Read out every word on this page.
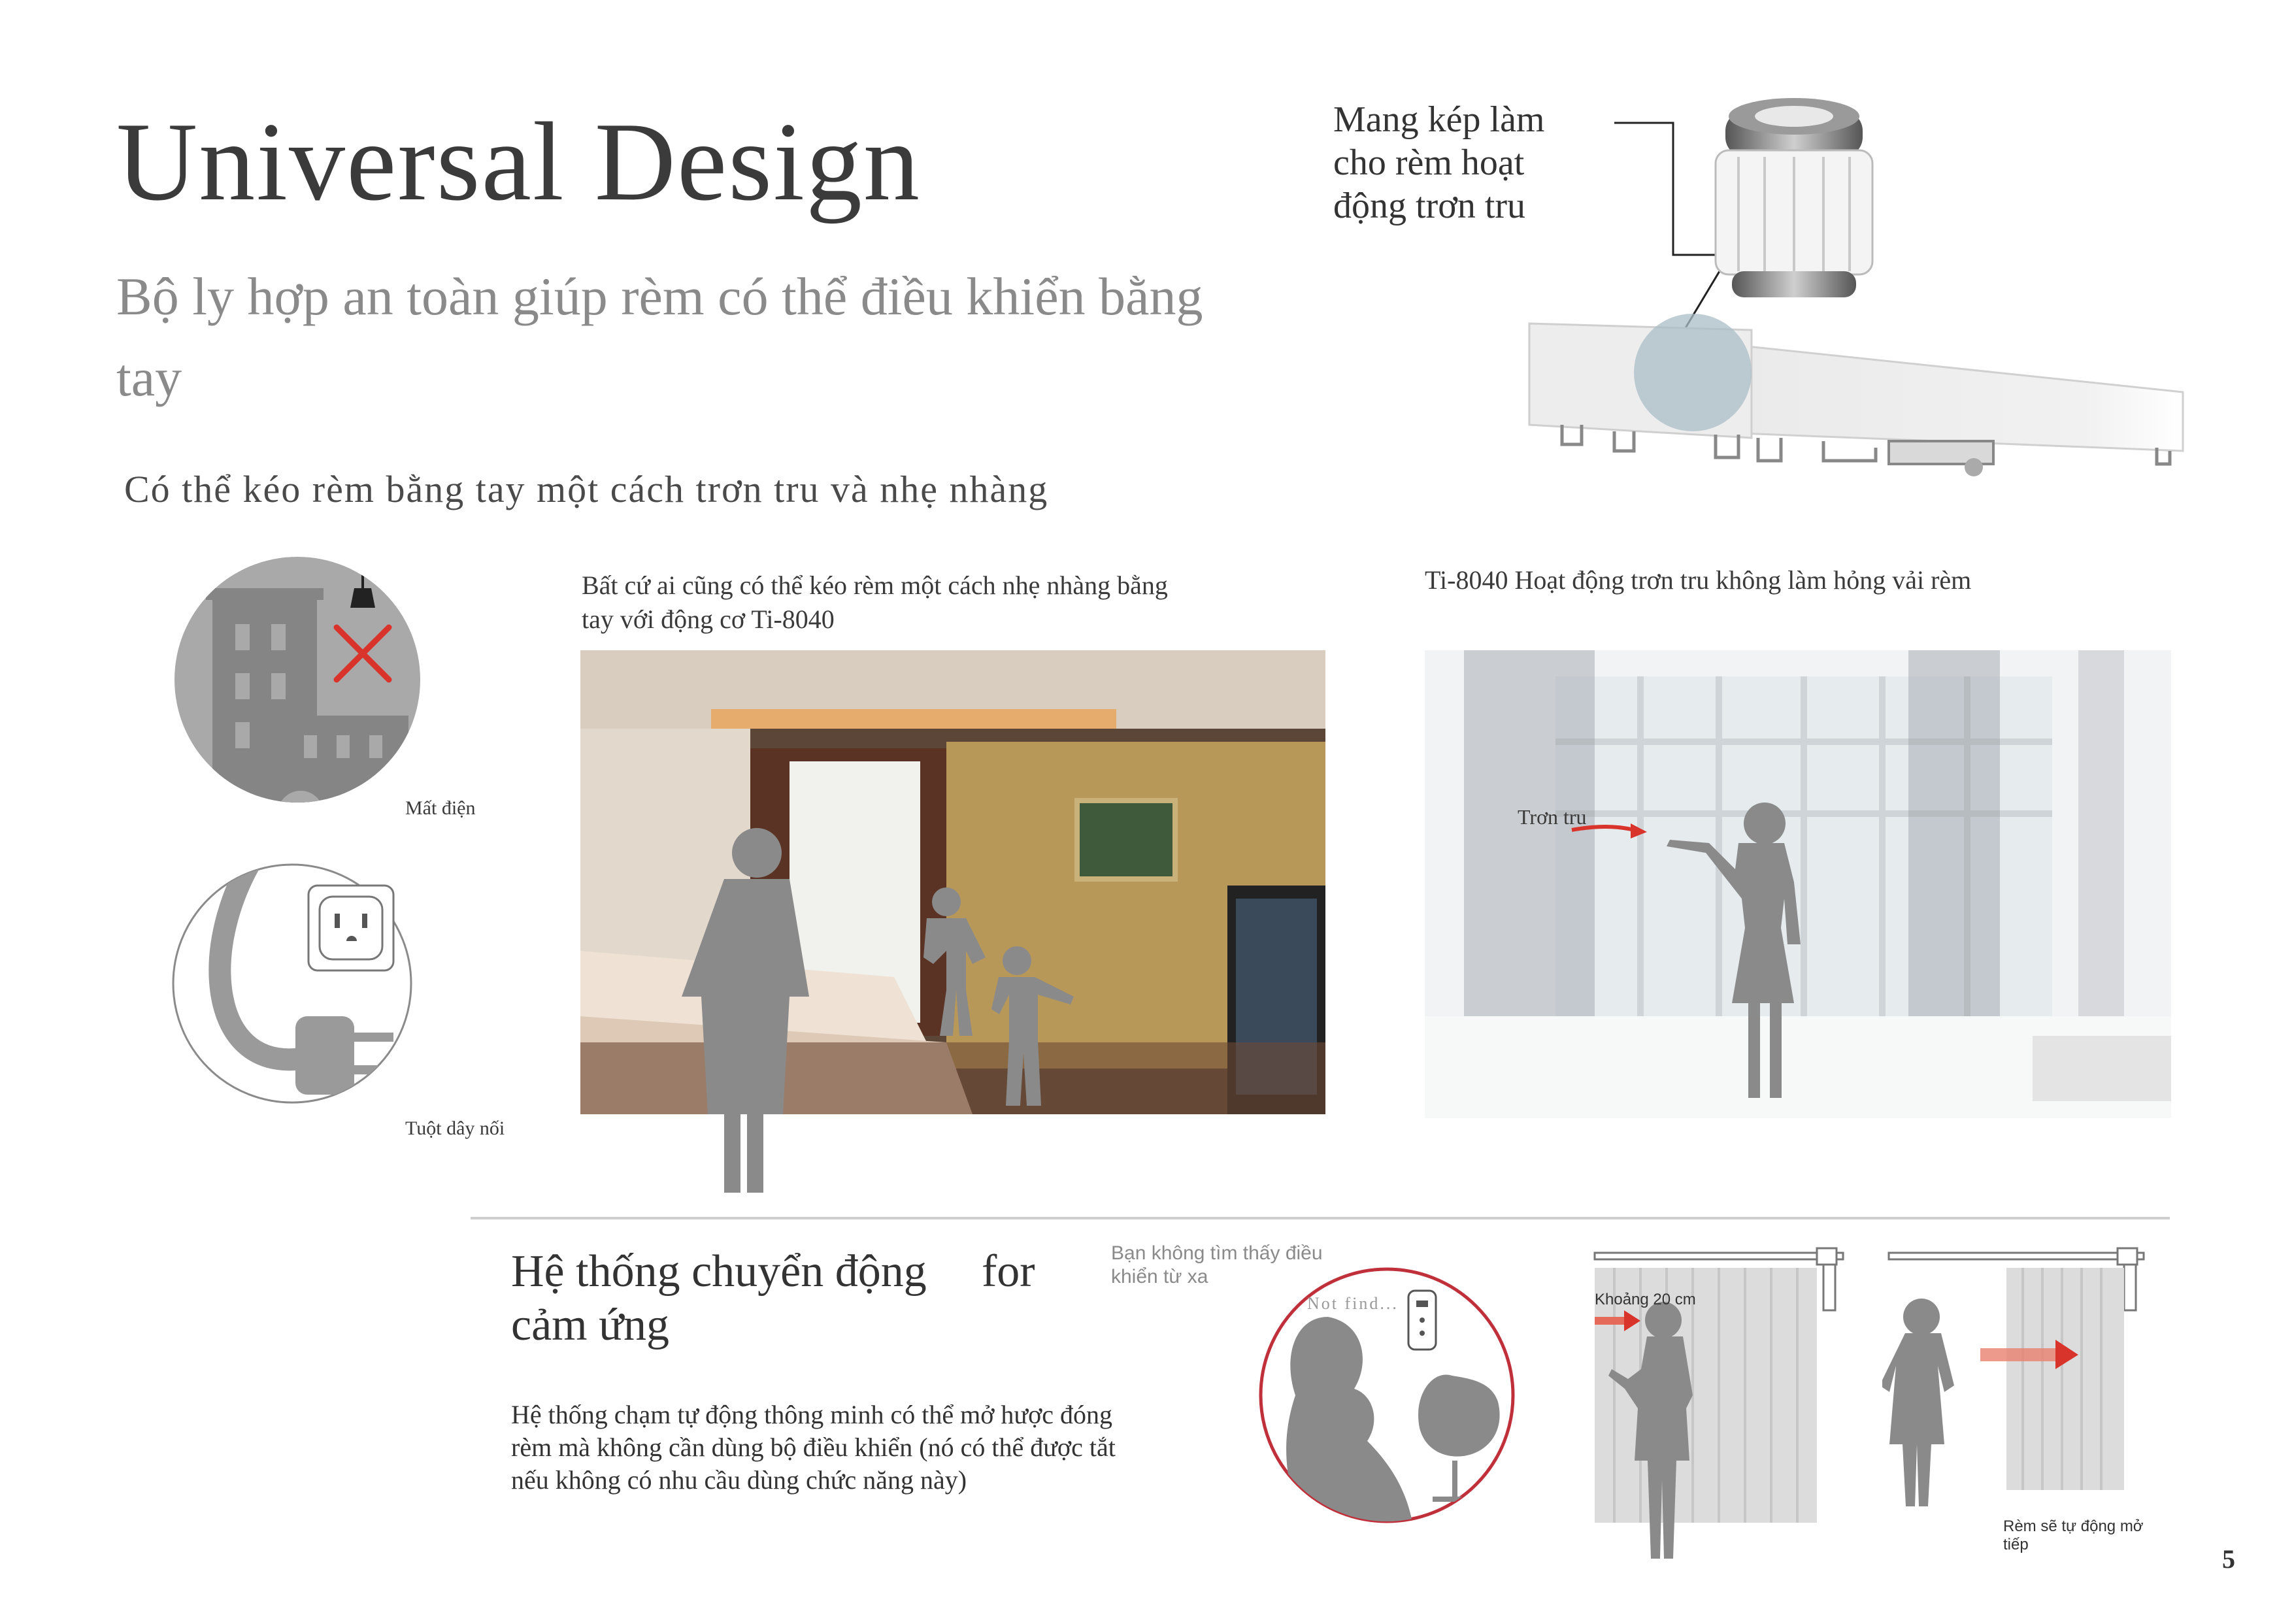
Universal Design
Bộ ly hợp an toàn giúp rèm có thể điều khiển bằng tay
Mang kép làm cho rèm hoạt động trơn tru
Có thể kéo rèm bằng tay một cách trơn tru và nhẹ nhàng
Mất điện
Tuột dây nối
Bất cứ ai cũng có thể kéo rèm một cách nhẹ nhàng bằng tay với động cơ Ti-8040
Ti-8040 Hoạt động trơn tru không làm hỏng vải rèm
Trơn tru
Hệ thống chuyển động	for
cảm ứng
Hệ thống chạm tự động thông minh có thể mở hược đóng rèm mà không cần dùng bộ điều khiển (nó có thể được tắt nếu không có nhu cầu dùng chức năng này)
Bạn không tìm thấy điều khiển từ xa
Not find...	Khoảng 20 cm
Rèm sẽ tự động mở tiếp	5
